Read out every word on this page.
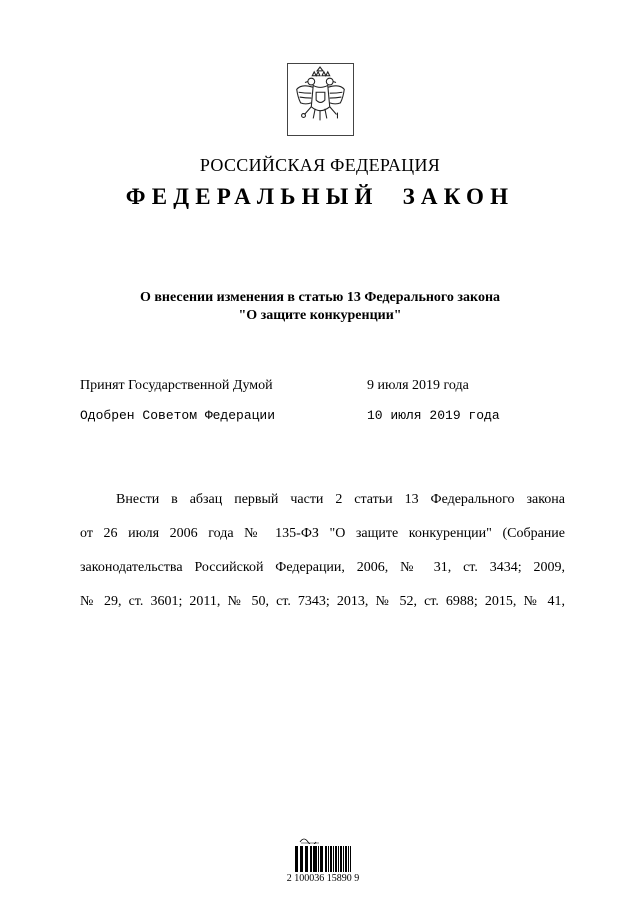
РОССИЙСКАЯ ФЕДЕРАЦИЯ
ФЕДЕРАЛЬНЫЙ ЗАКОН
О внесении изменения в статью 13 Федерального закона
"О защите конкуренции"
Принят Государственной Думой	9 июля 2019 года
Одобрен Советом Федерации	10 июля 2019 года
Внести в абзац первый части 2 статьи 13 Федерального закона
от 26 июля 2006 года № 135-ФЗ "О защите конкуренции" (Собрание
законодательства Российской Федерации, 2006, № 31, ст. 3434; 2009,
№ 29, ст. 3601; 2011, № 50, ст. 7343; 2013, № 52, ст. 6988; 2015, № 41,
2 100036 15890 9
